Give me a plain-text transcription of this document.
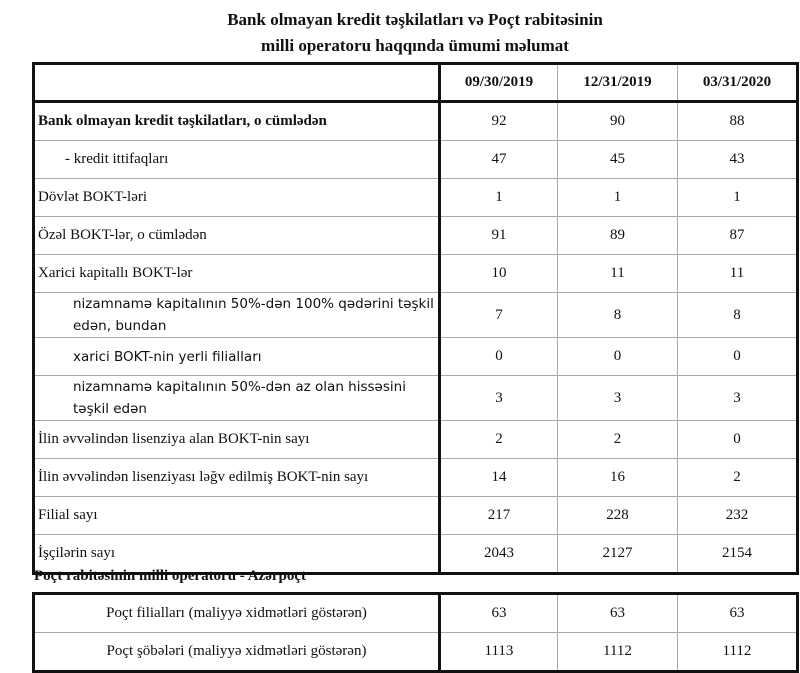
Bank olmayan kredit təşkilatları və Poçt rabitəsinin
milli operatoru haqqında ümumi məlumat
	09/30/2019	12/31/2019	03/31/2020
Bank olmayan kredit təşkilatları, o cümlədən	92	90	88
- kredit ittifaqları	47	45	43
Dövlət BOKT-ləri	1	1	1
Özəl BOKT-lər, o cümlədən	91	89	87
Xarici kapitallı BOKT-lər	10	11	11
nizamnamə kapitalının 50%-dən 100% qədərini təşkil edən, bundan	7	8	8
xarici BOKT-nin yerli filialları	0	0	0
nizamnamə kapitalının 50%-dən az olan hissəsini təşkil edən	3	3	3
İlin əvvəlindən lisenziya alan BOKT-nin sayı	2	2	0
İlin əvvəlindən lisenziyası ləğv edilmiş BOKT-nin sayı	14	16	2
Filial sayı	217	228	232
İşçilərin sayı	2043	2127	2154
Poçt rabitəsinin milli operatoru - Azərpoçt
Poçt filialları (maliyyə xidmətləri göstərən)	63	63	63
Poçt şöbələri (maliyyə xidmətləri göstərən)	1113	1112	1112
